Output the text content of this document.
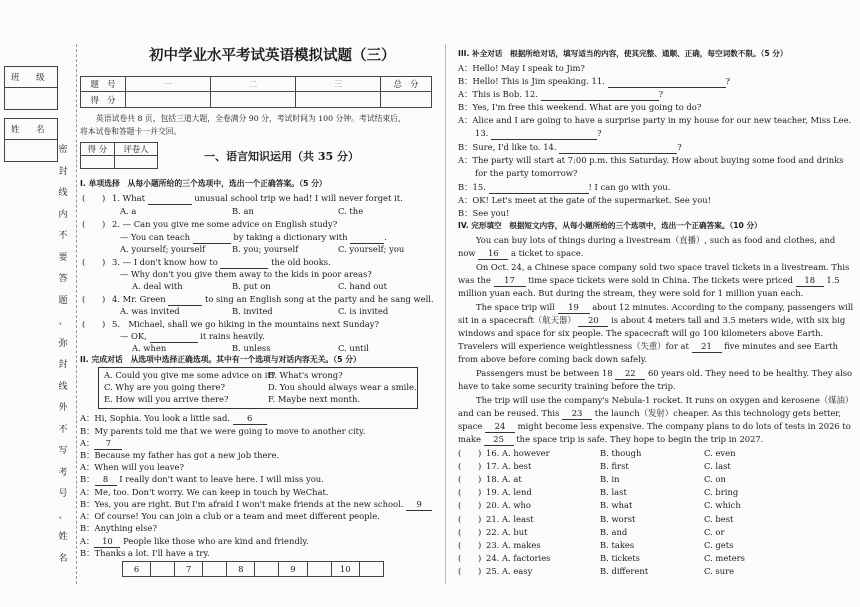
班　　级
姓　　名
密
封
线
内
不
要
答
题
、
弥
封
线
外
不
写
考
号
、
姓
名
初中学业水平考试英语模拟试题（三）
题　号	一	二	三	总　分
得　分				
英语试卷共 8 页，包括三道大题，全卷满分 90 分，考试时间为 100 分钟。考试结束后，
将本试卷和答题卡一并交回。
得 分	评卷人

一、语言知识运用（共 35 分）
I. 单项选择　从每小题所给的三个选项中，选出一个正确答案。（5 分）
(　　) 1. What	unusual school trip we had! I will never forget it.
A. a	B. an	C. the
(　　) 2. — Can you give me some advice on English study?
— You can teach	by taking a dictionary with	.
A. yourself; yourself	B. you; yourself	C. yourself; you
(　　) 3. — I don't know how to	the old books.
— Why don't you give them away to the kids in poor areas?
A. deal with	B. put on	C. hand out
(　　) 4. Mr. Green	to sing an English song at the party and he sang well.
A. was invited	B. invited	C. is invited
(　　) 5.　Michael, shall we go hiking in the mountains next Sunday?
— OK,	it rains heavily.
A. when	B. unless	C. until
II. 完成对话　从选项中选择正确选项。其中有一个选项与对话内容无关。（5 分）
A. Could you give me some advice on it?
B. What's wrong?
C. Why are you going there?	D. You should always wear a smile.
E. How will you arrive there?	F. Maybe next month.
A：Hi, Sophia. You look a little sad. 6
B：My parents told me that we were going to move to another city.
A： 7
B：Because my father has got a new job there.
A：When will you leave?
B： 8 I really don't want to leave here. I will miss you.
A：Me, too. Don't worry. We can keep in touch by WeChat.
B：Yes, you are right. But I'm afraid I won't make friends at the new school. 9
A：Of course! You can join a club or a team and meet different people.
B：Anything else?
A： 10 People like those who are kind and friendly.
B：Thanks a lot. I'll have a try.
6		7		8		9		10	
III. 补全对话　根据所给对话，填写适当的内容，使其完整、通顺、正确，每空词数不限。（5 分）
A：Hello! May I speak to Jim?
B：Hello! This is Jim speaking. 11.	?
A：This is Bob. 12.	?
B：Yes, I'm free this weekend. What are you going to do?
A：Alice and I are going to have a surprise party in my house for our new teacher, Miss Lee.
13.	?
B：Sure, I'd like to. 14.	?
A：The party will start at 7:00 p.m. this Saturday. How about buying some food and drinks
for the party tomorrow?
B：15.	! I can go with you.
A：OK! Let's meet at the gate of the supermarket. See you!
B：See you!
IV. 完形填空　根据短文内容，从每小题所给的三个选项中，选出一个正确答案。（10 分）
You can buy lots of things during a livestream（直播）, such as food and clothes, and
now 16 a ticket to space.
On Oct. 24, a Chinese space company sold two space travel tickets in a livestream. This
was the 17 time space tickets were sold in China. The tickets were priced 18 1.5
million yuan each. But during the stream, they were sold for 1 million yuan each.
The space trip will 19 about 12 minutes. According to the company, passengers will
sit in a spacecraft（航天器） 20 is about 4 meters tall and 3.5 meters wide, with six big
windows and space for six people. The spacecraft will go 100 kilometers above Earth.
Travelers will experience weightlessness（失重）for at 21 five minutes and see Earth
from above before coming back down safely.
Passengers must be between 18 22 60 years old. They need to be healthy. They also
have to take some security training before the trip.
The trip will use the company's Nebula-1 rocket. It runs on oxygen and kerosene（煤油）
and can be reused. This 23 the launch（发射）cheaper. As this technology gets better,
space 24 might become less expensive. The company plans to do lots of tests in 2026 to
make 25 the space trip is safe. They hope to begin the trip in 2027.
(　　) 16. A. however	B. though	C. even
(　　) 17. A. best	B. first	C. last
(　　) 18. A. at	B. in	C. on
(　　) 19. A. lend	B. last	C. bring
(　　) 20. A. who	B. what	C. which
(　　) 21. A. least	B. worst	C. best
(　　) 22. A. but	B. and	C. or
(　　) 23. A. makes	B. takes	C. gets
(　　) 24. A. factories	B. tickets	C. meters
(　　) 25. A. easy	B. different	C. sure
